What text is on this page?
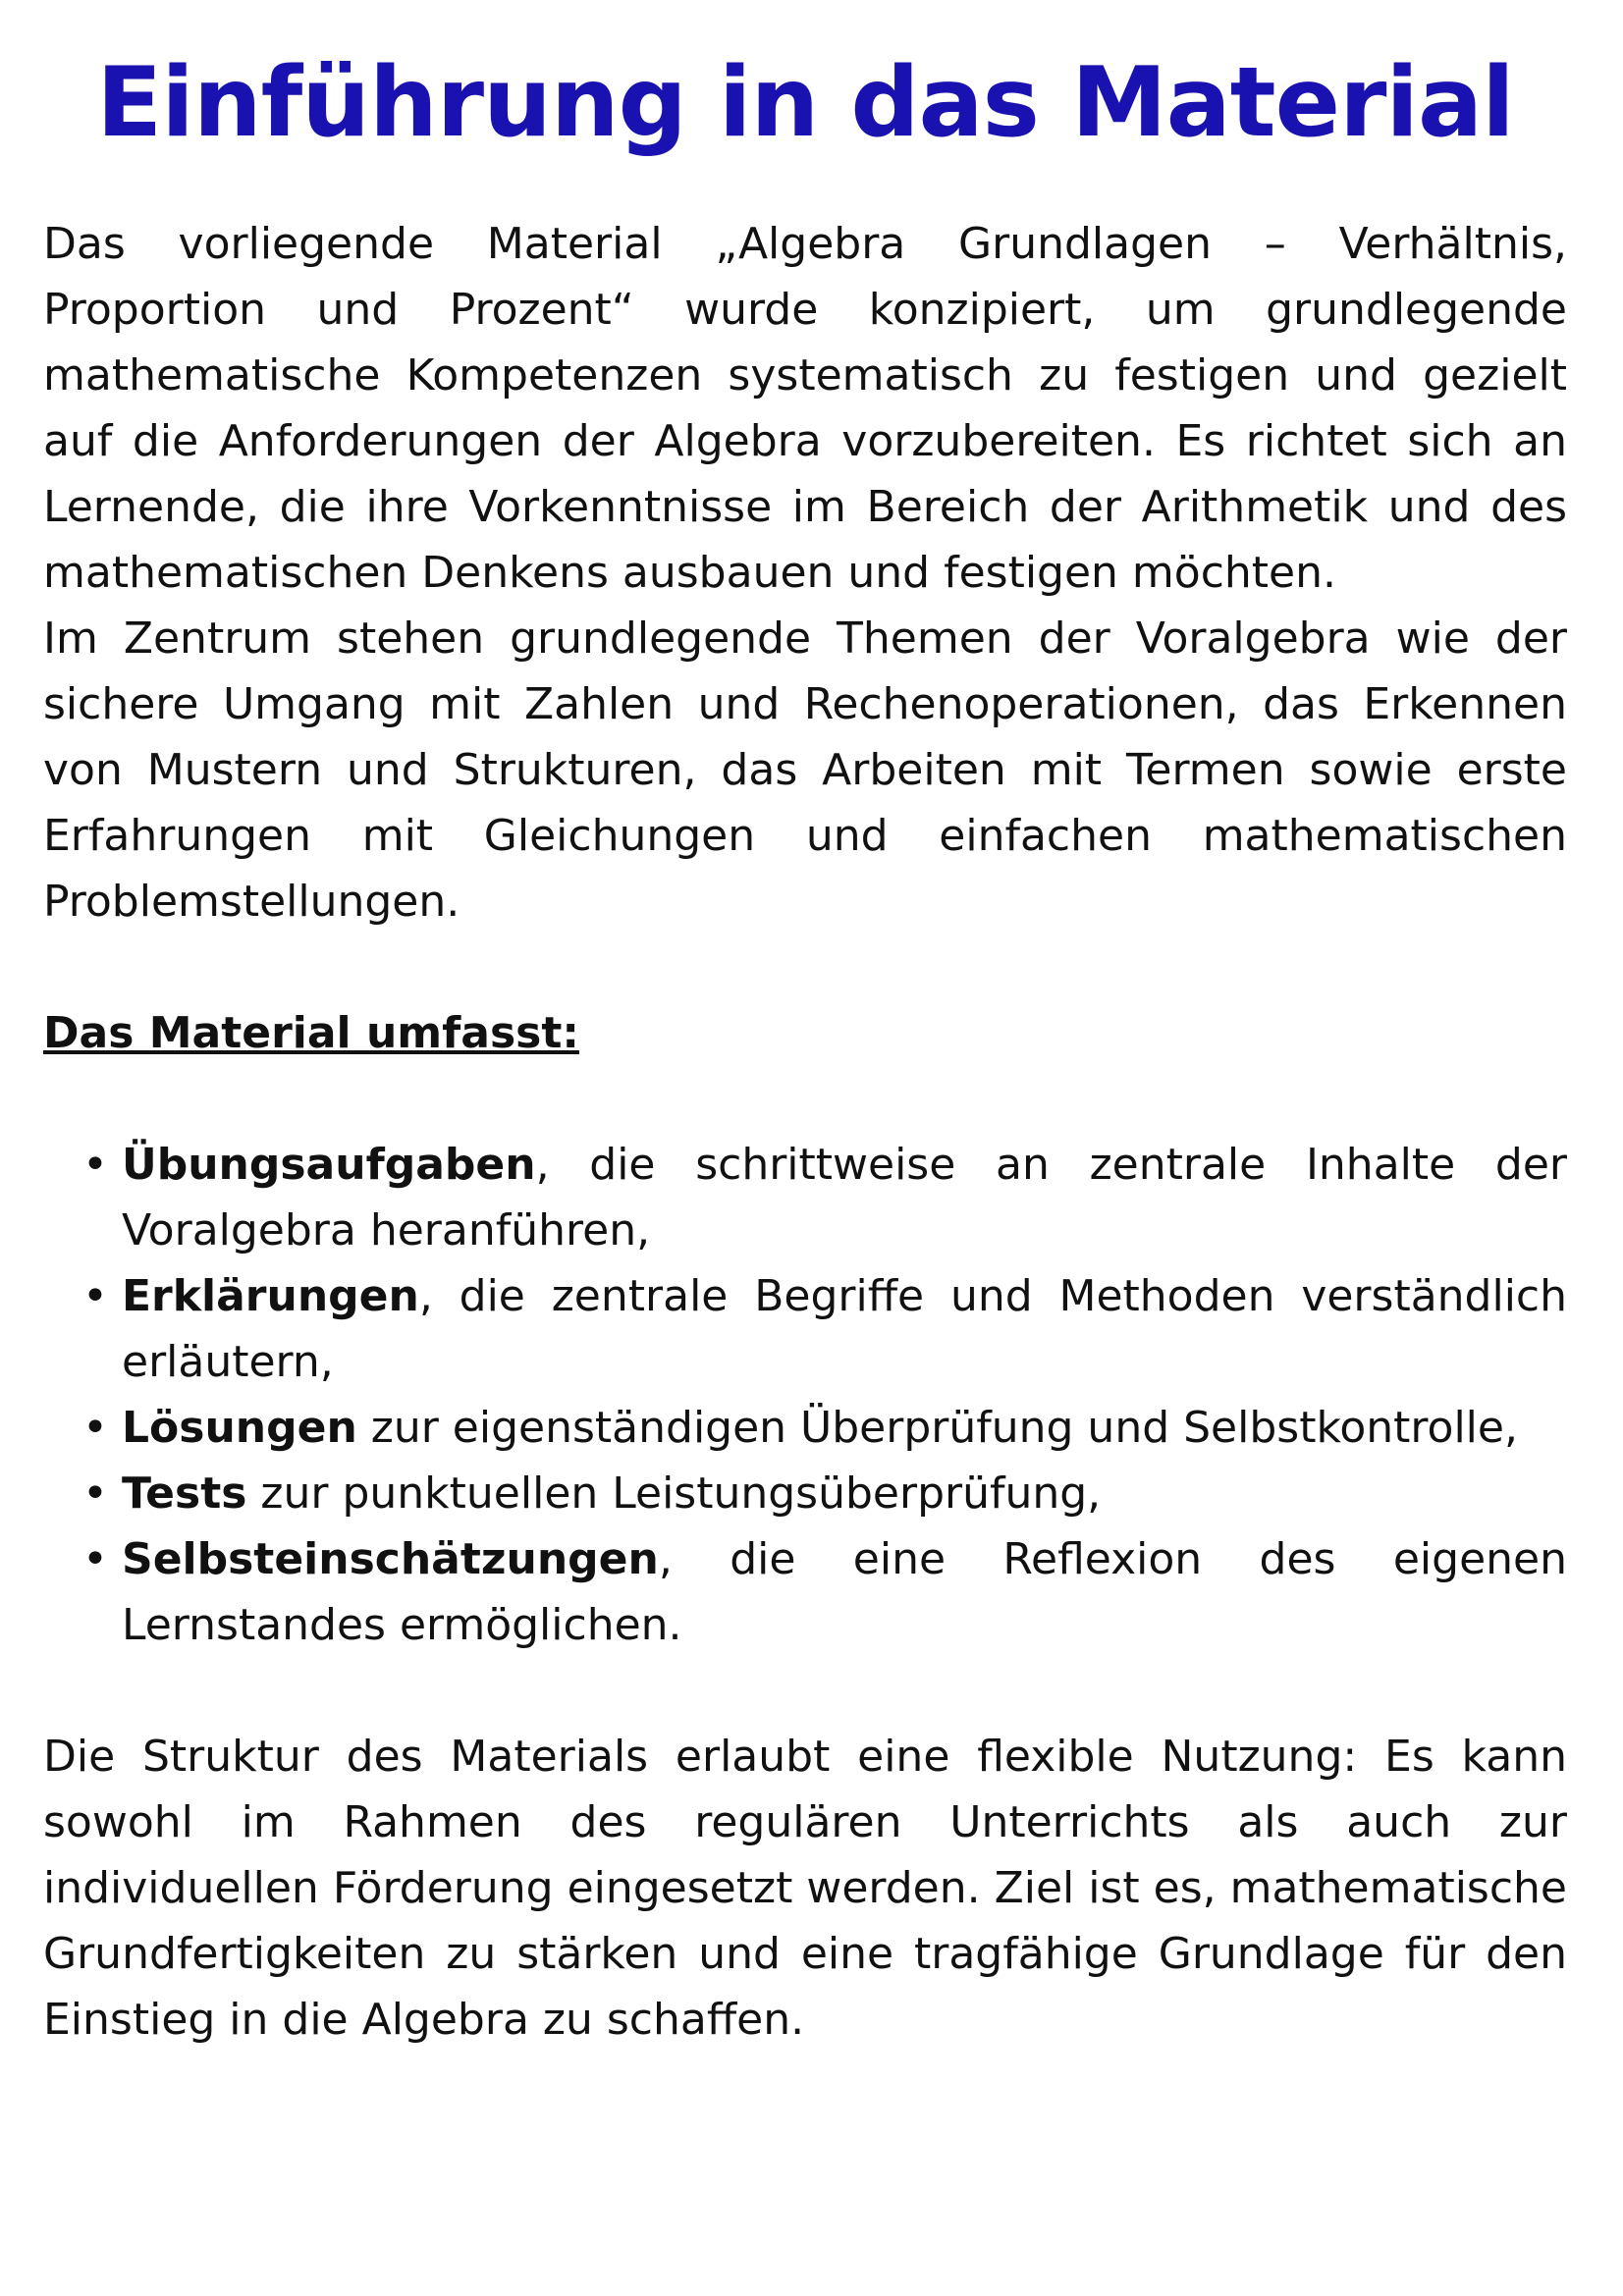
Einführung in das Material

Das vorliegende Material „Algebra Grundlagen – Verhältnis, Proportion und Prozent“ wurde konzipiert, um grundlegende mathematische Kompetenzen systematisch zu festigen und gezielt auf die Anforderungen der Algebra vorzubereiten. Es richtet sich an Lernende, die ihre Vorkenntnisse im Bereich der Arithmetik und des mathematischen Denkens ausbauen und festigen möchten.

Im Zentrum stehen grundlegende Themen der Voralgebra wie der sichere Umgang mit Zahlen und Rechenoperationen, das Erkennen von Mustern und Strukturen, das Arbeiten mit Termen sowie erste Erfahrungen mit Gleichungen und einfachen mathematischen Problemstellungen.

Das Material umfasst:

• Übungsaufgaben, die schrittweise an zentrale Inhalte der Voralgebra heranführen,
• Erklärungen, die zentrale Begriffe und Methoden verständlich erläutern,
• Lösungen zur eigenständigen Überprüfung und Selbstkontrolle,
• Tests zur punktuellen Leistungsüberprüfung,
• Selbsteinschätzungen, die eine Reflexion des eigenen Lernstandes ermöglichen.

Die Struktur des Materials erlaubt eine flexible Nutzung: Es kann sowohl im Rahmen des regulären Unterrichts als auch zur individuellen Förderung eingesetzt werden. Ziel ist es, mathematische Grundfertigkeiten zu stärken und eine tragfähige Grundlage für den Einstieg in die Algebra zu schaffen.
